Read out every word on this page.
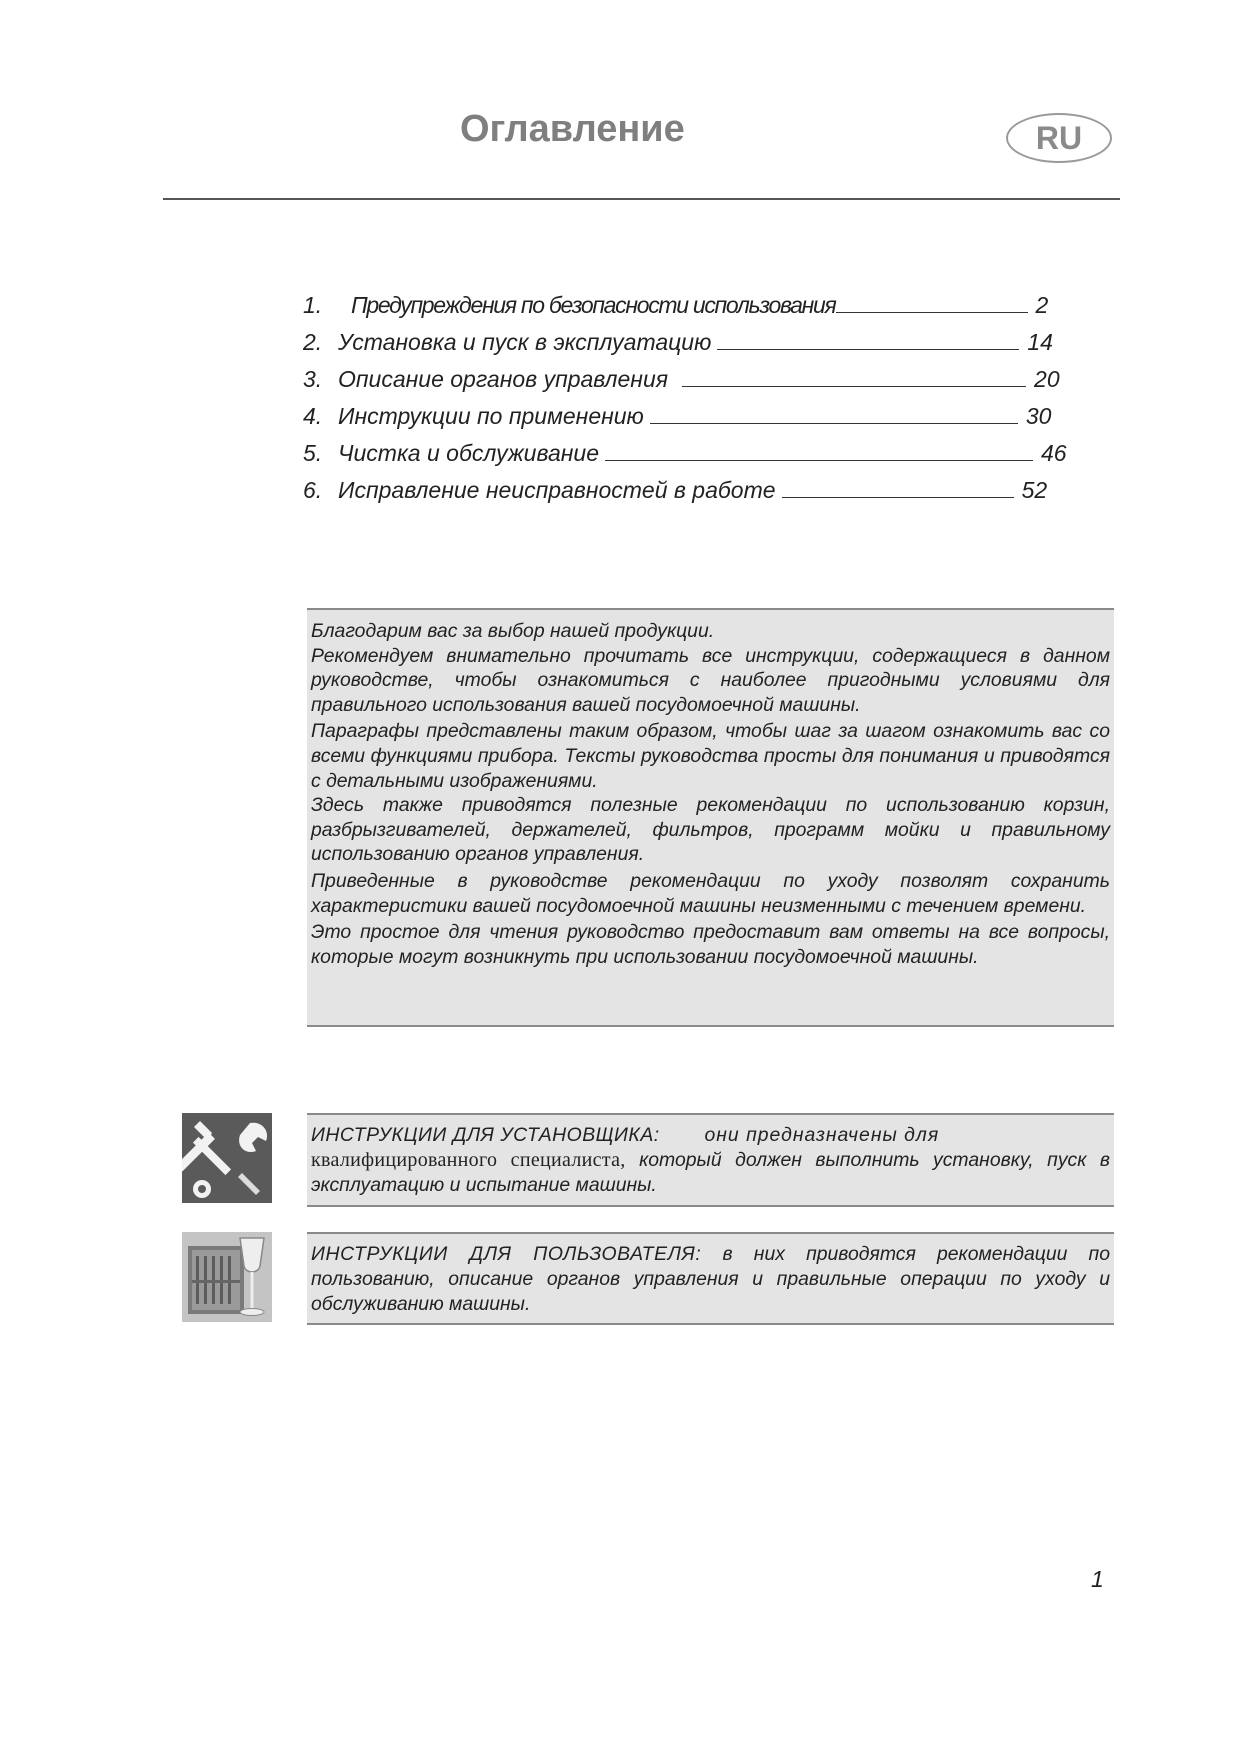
Оглавление	RU
1.	Предупреждения по безопасности использования	2
2. Установка и пуск в эксплуатацию	14
3. Описание органов управления	20
4. Инструкции по применению	30
5. Чистка и обслуживание	46
6. Исправление неисправностей в работе	52

Благодарим вас за выбор нашей продукции.

Рекомендуем внимательно прочитать все инструкции, содержащиеся в данном руководстве, чтобы ознакомиться с наиболее пригодными условиями для правильного использования вашей посудомоечной машины.

Параграфы представлены таким образом, чтобы шаг за шагом ознакомить вас со всеми функциями прибора. Тексты руководства просты для понимания и приводятся с детальными изображениями.

Здесь также приводятся полезные рекомендации по использованию корзин, разбрызгивателей, держателей, фильтров, программ мойки и правильному использованию органов управления.

Приведенные в руководстве рекомендации по уходу позволят сохранить характеристики вашей посудомоечной машины неизменными с течением времени.

Это простое для чтения руководство предоставит вам ответы на все вопросы, которые могут возникнуть при использовании посудомоечной машины.

ИНСТРУКЦИИ ДЛЯ УСТАНОВЩИКА: они предназначены для
квалифицированного специалиста, который должен выполнить установку, пуск в эксплуатацию и испытание машины.

ИНСТРУКЦИИ ДЛЯ ПОЛЬЗОВАТЕЛЯ: в них приводятся рекомендации по пользованию, описание органов управления и правильные операции по уходу и обслуживанию машины.

1
